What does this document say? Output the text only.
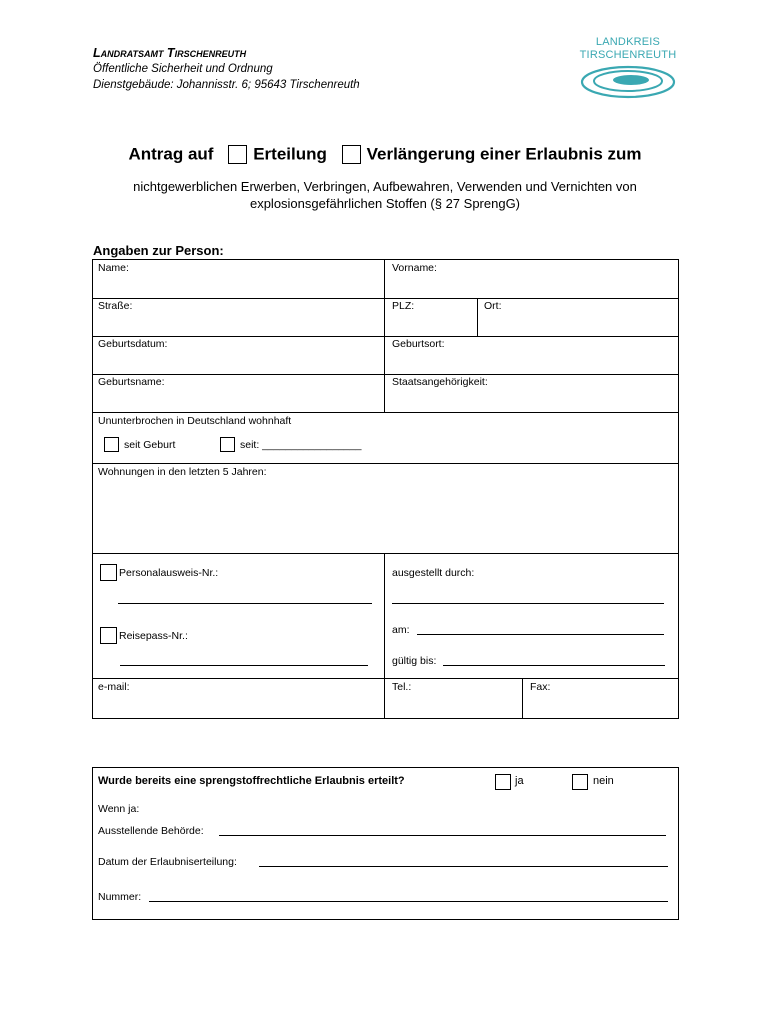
Landratsamt Tirschenreuth
Öffentliche Sicherheit und Ordnung
Dienstgebäude: Johannisstr. 6; 95643 Tirschenreuth
LANDKREIS
TIRSCHENREUTH
Antrag auf Erteilung Verlängerung einer Erlaubnis zum
nichtgewerblichen Erwerben, Verbringen, Aufbewahren, Verwenden und Vernichten von
explosionsgefährlichen Stoffen (§ 27 SprengG)
Angaben zur Person:
Name:	Vorname:
Straße:	PLZ:	Ort:
Geburtsdatum:	Geburtsort:
Geburtsname:	Staatsangehörigkeit:
Ununterbrochen in Deutschland wohnhaft
seit Geburt	seit: _________________
Wohnungen in den letzten 5 Jahren:
Personalausweis-Nr.:	ausgestellt durch:
Reisepass-Nr.:	am:
gültig bis:
e-mail:	Tel.:	Fax:
Wurde bereits eine sprengstoffrechtliche Erlaubnis erteilt?	ja	nein
Wenn ja:
Ausstellende Behörde:
Datum der Erlaubniserteilung:
Nummer:
